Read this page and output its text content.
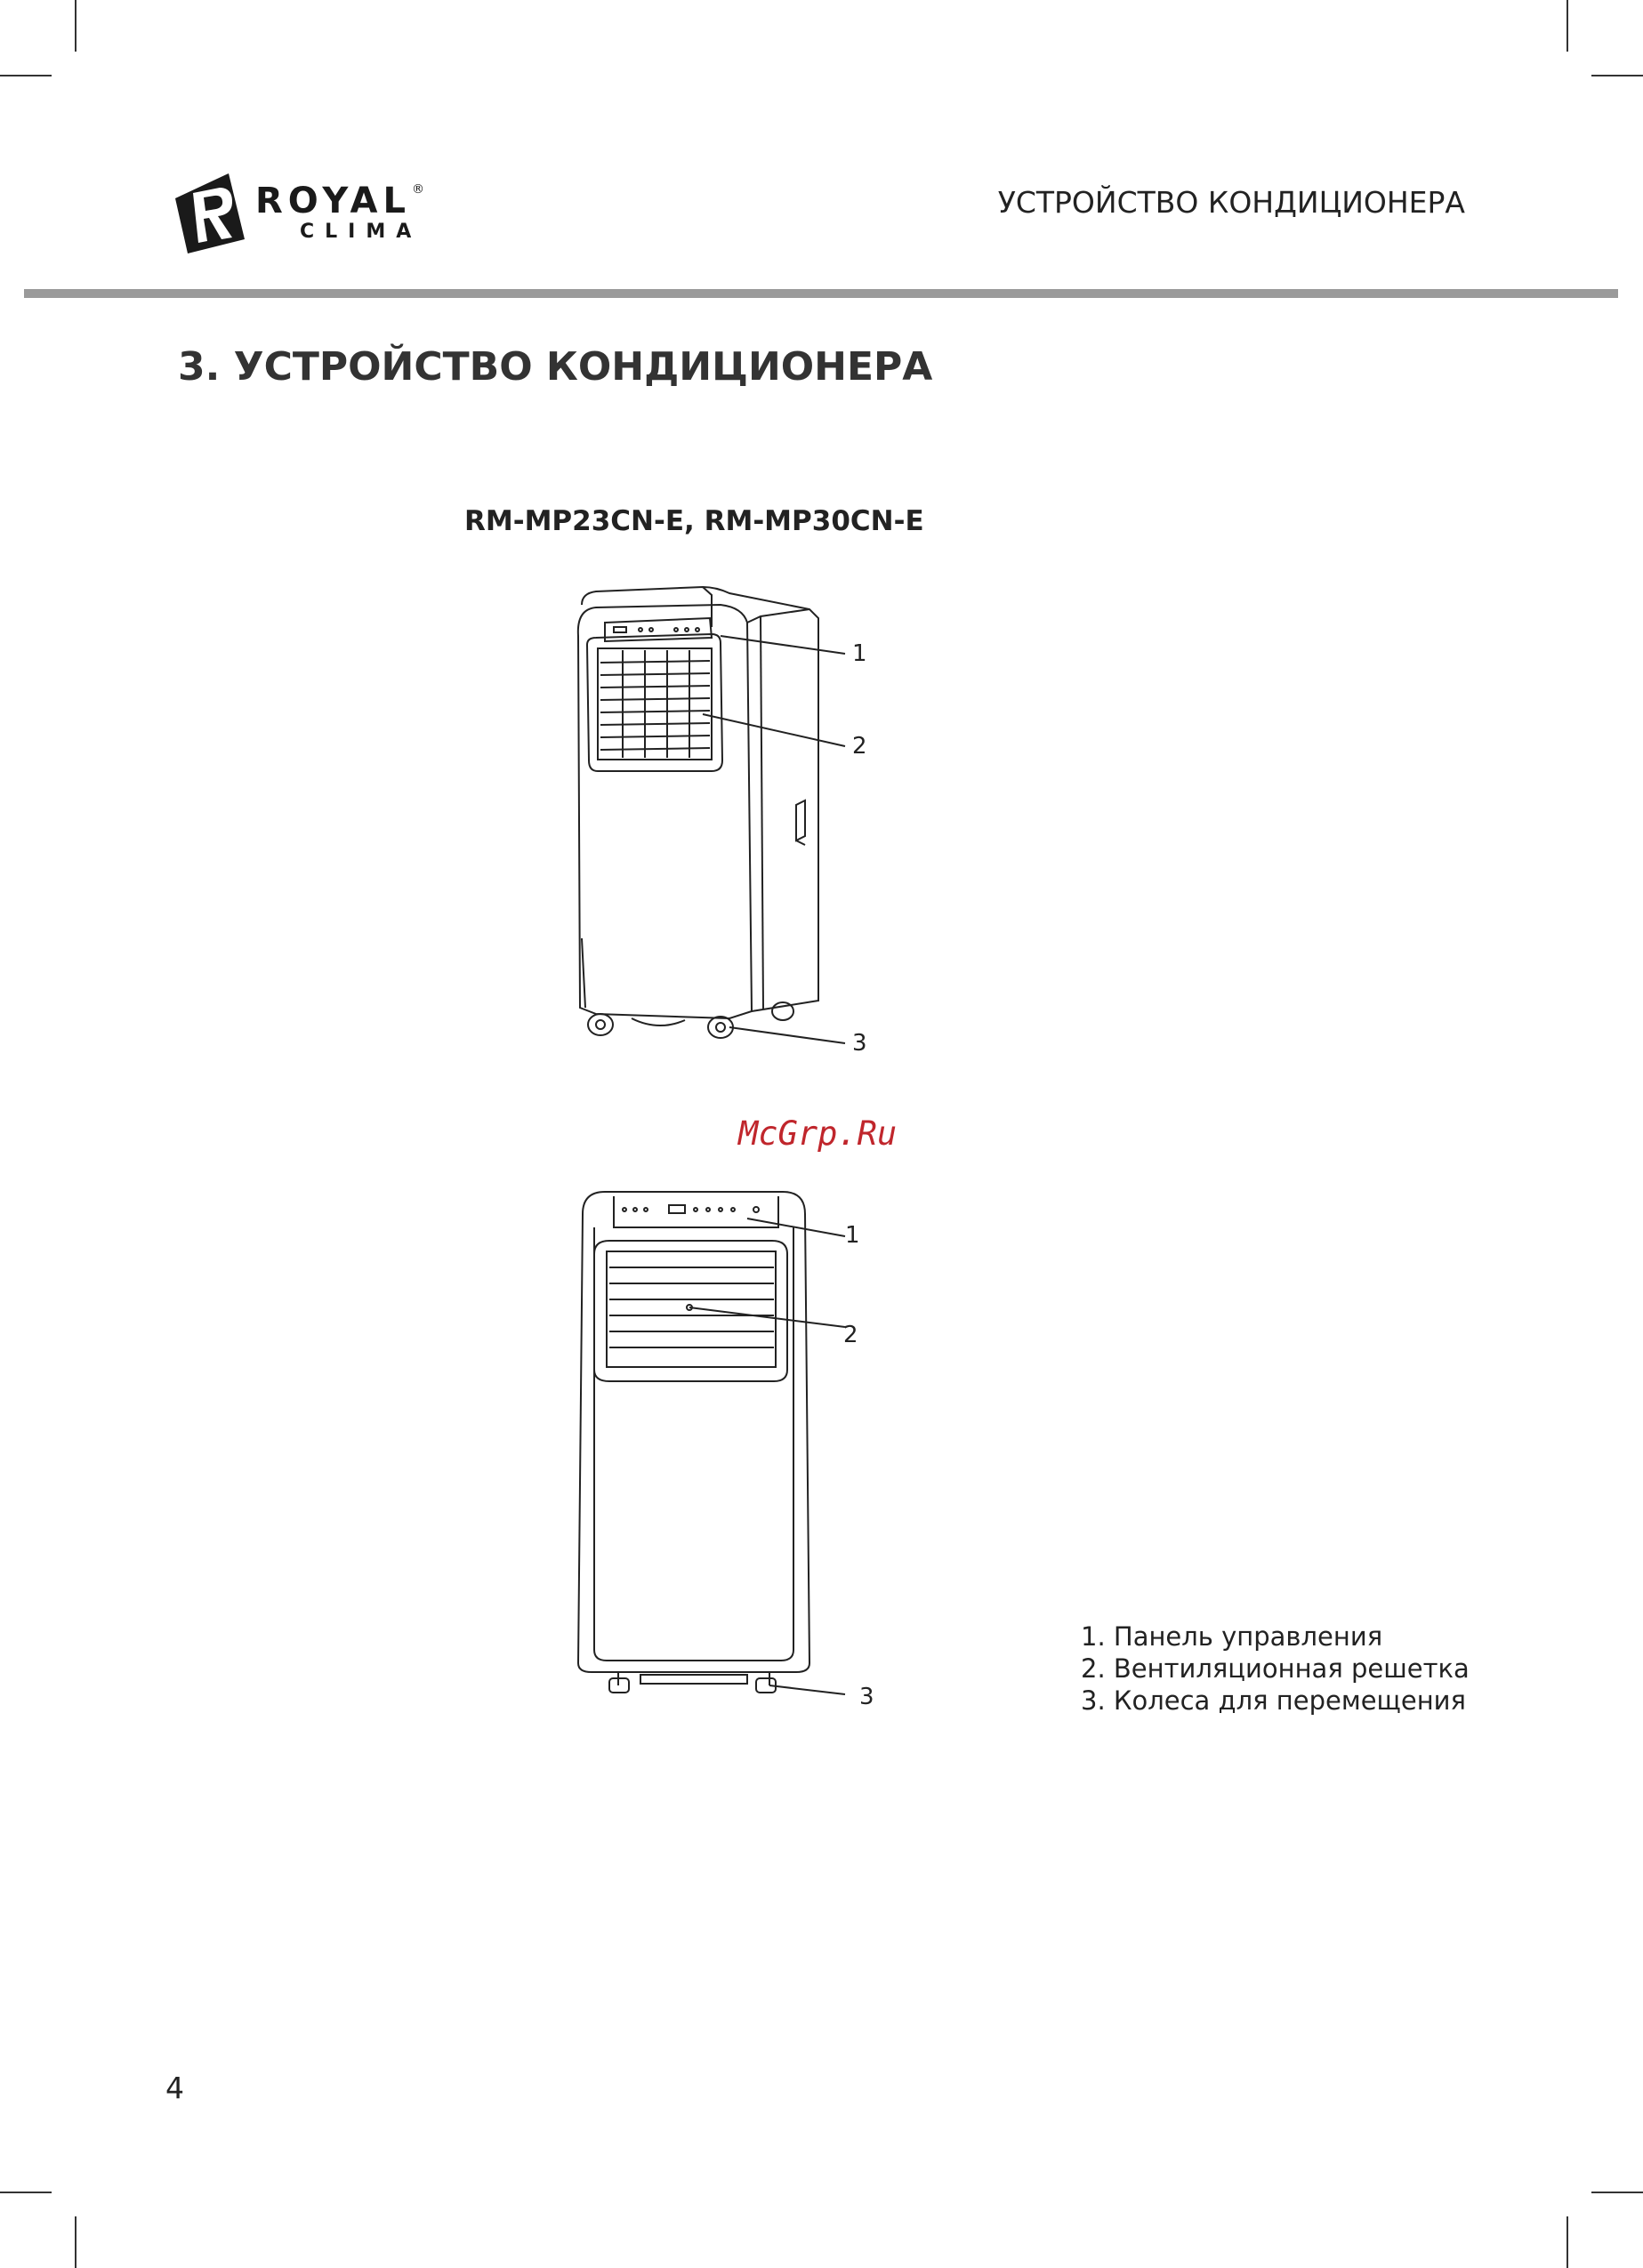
ROYAL ®
CLIMA
УСТРОЙСТВО КОНДИЦИОНЕРА
3. УСТРОЙСТВО КОНДИЦИОНЕРА
RM-MP23CN-E, RM-MP30CN-E
1
2
3
McGrp.Ru
1
2
3
1. Панель управления
2. Вентиляционная решетка
3. Колеса для перемещения
4
